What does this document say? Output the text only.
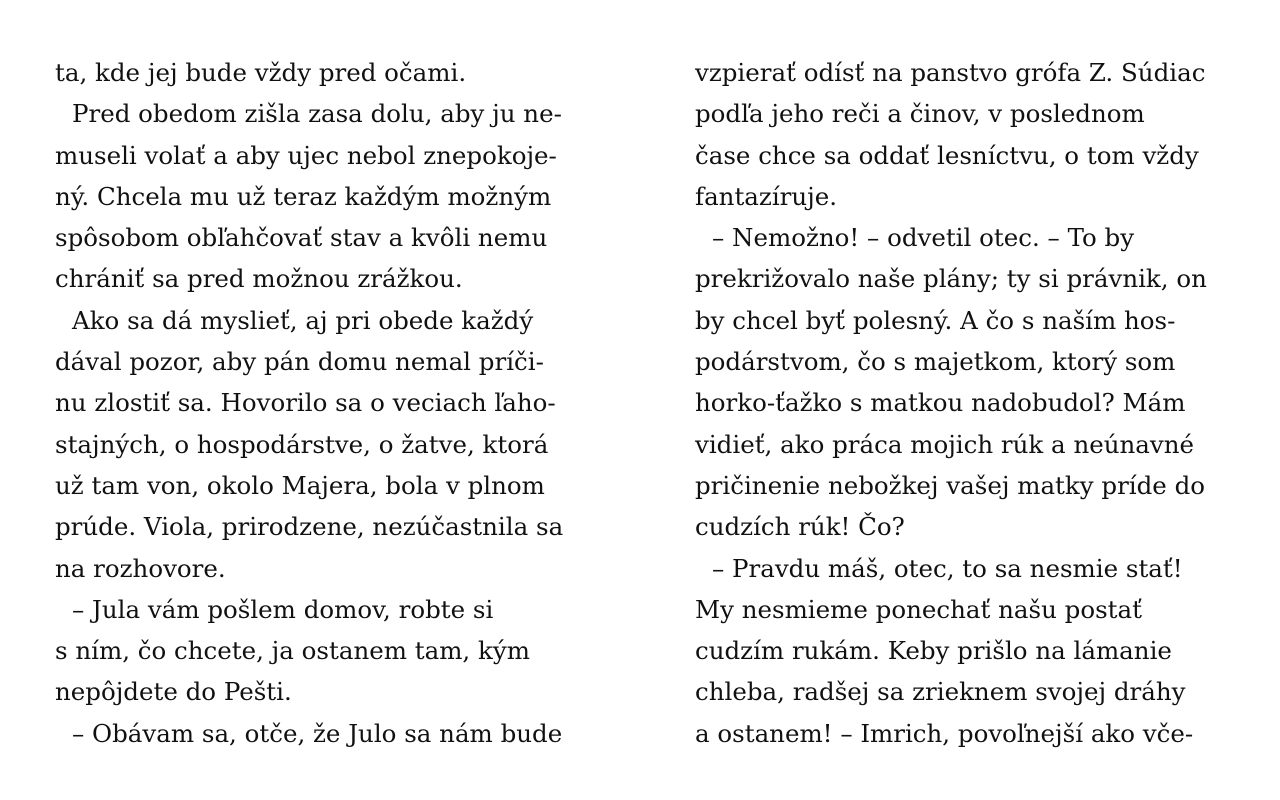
ta, kde jej bude vždy pred očami.
Pred obedom zišla zasa dolu, aby ju ne-
museli volať a aby ujec nebol znepokoje-
ný. Chcela mu už teraz každým možným
spôsobom obľahčovať stav a kvôli nemu
chrániť sa pred možnou zrážkou.
Ako sa dá myslieť, aj pri obede každý
dával pozor, aby pán domu nemal príči-
nu zlostiť sa. Hovorilo sa o veciach ľaho-
stajných, o hospodárstve, o žatve, ktorá
už tam von, okolo Majera, bola v plnom
prúde. Viola, prirodzene, nezúčastnila sa
na rozhovore.
– Jula vám pošlem domov, robte si
s ním, čo chcete, ja ostanem tam, kým
nepôjdete do Pešti.
– Obávam sa, otče, že Julo sa nám bude
vzpierať odísť na panstvo grófa Z. Súdiac
podľa jeho reči a činov, v poslednom
čase chce sa oddať lesníctvu, o tom vždy
fantazíruje.
– Nemožno! – odvetil otec. – To by
prekrižovalo naše plány; ty si právnik, on
by chcel byť polesný. A čo s naším hos-
podárstvom, čo s majetkom, ktorý som
horko-ťažko s matkou nadobudol? Mám
vidieť, ako práca mojich rúk a neúnavné
pričinenie nebožkej vašej matky príde do
cudzích rúk! Čo?
– Pravdu máš, otec, to sa nesmie stať!
My nesmieme ponechať našu postať
cudzím rukám. Keby prišlo na lámanie
chleba, radšej sa zrieknem svojej dráhy
a ostanem! – Imrich, povoľnejší ako vče-
